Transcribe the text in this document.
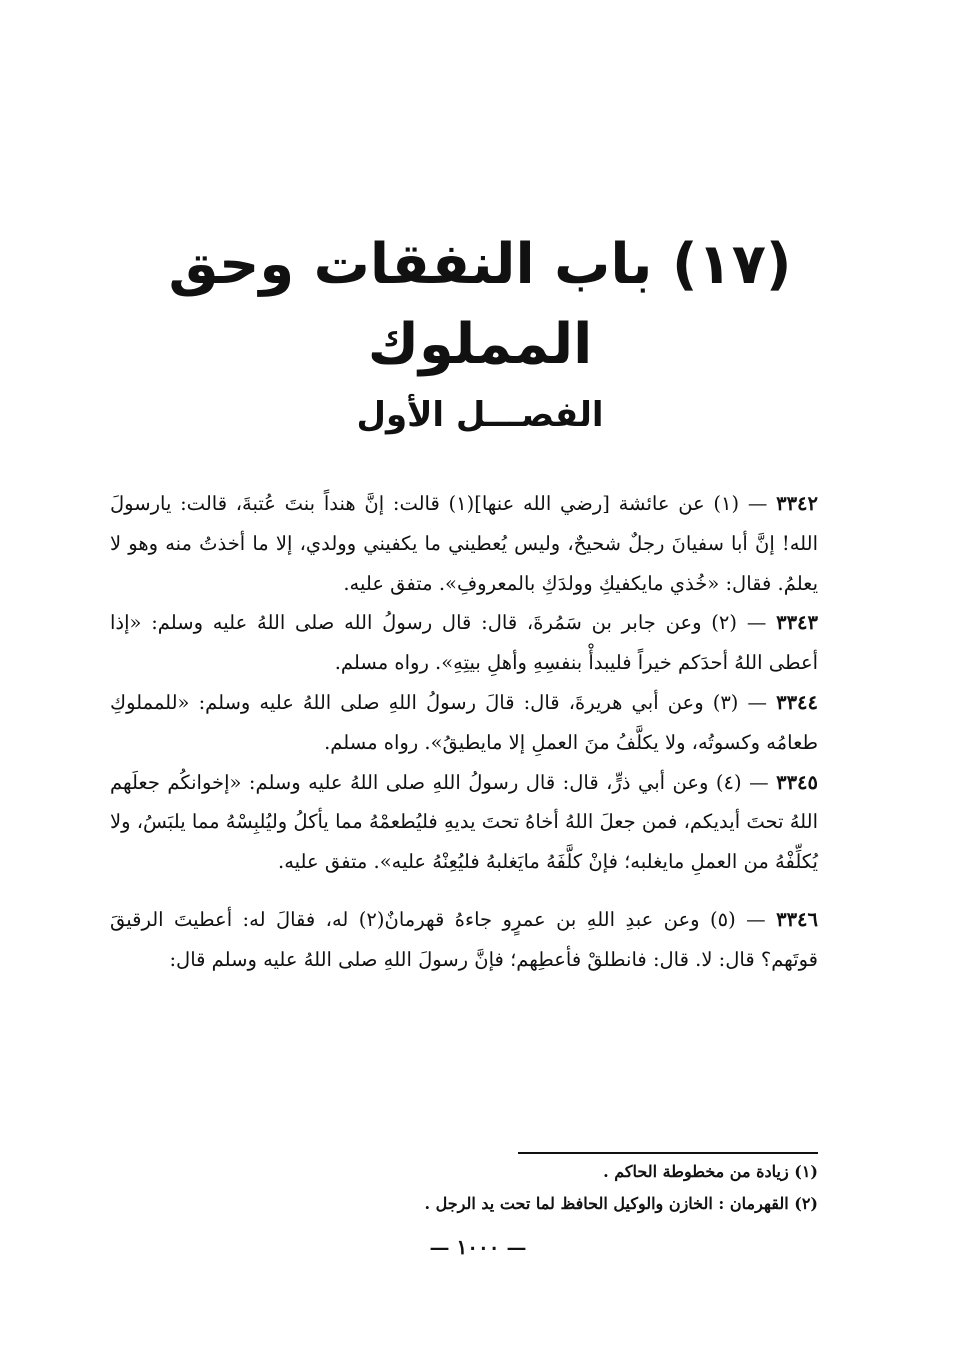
(١٧) باب النفقات وحق المملوك
الفصـــل الأول

٣٣٤٢ — (١) عن عائشة [رضي الله عنها](١) قالت: إنَّ هنداً بنتَ عُتبةَ، قالت: يارسولَ الله! إنَّ أبا سفيانَ رجلٌ شحيحٌ، وليس يُعطيني ما يكفيني وولدي، إلا ما أخذتُ منه وهو لا يعلمُ. فقال: «خُذي مايكفيكِ وولدَكِ بالمعروفِ». متفق عليه.

٣٣٤٣ — (٢) وعن جابر بن سَمُرةَ، قال: قال رسولُ الله صلى اللهُ عليه وسلم: «إذا أعطى اللهُ أحدَكم خيراً فليبدأْ بنفسِهِ وأهلِ بيتِهِ». رواه مسلم.

٣٣٤٤ — (٣) وعن أبي هريرةَ، قال: قالَ رسولُ اللهِ صلى اللهُ عليه وسلم: «للمملوكِ طعامُه وكسوتُه، ولا يكلَّفُ منَ العملِ إلا مايطيقُ». رواه مسلم.

٣٣٤٥ — (٤) وعن أبي ذرٍّ، قال: قال رسولُ اللهِ صلى اللهُ عليه وسلم: «إخوانكُم جعلَهم اللهُ تحتَ أيديكم، فمن جعلَ اللهُ أخاهُ تحتَ يديهِ فليُطعمْهُ مما يأكلُ وليُلبِسْهُ مما يلبَسُ، ولا يُكلِّفْهُ من العملِ مايغلبه؛ فإنْ كلَّفَهُ مايَغلبهُ فليُعِنْهُ عليه». متفق عليه.

٣٣٤٦ — (٥) وعن عبدِ اللهِ بن عمرٍو جاءهُ قهرمانٌ(٢) له، فقالَ له: أعطيتَ الرقيقَ قوتَهم؟ قال: لا. قال: فانطلقْ فأعطِهم؛ فإنَّ رسولَ اللهِ صلى اللهُ عليه وسلم قال:

(١) زيادة من مخطوطة الحاكم .

(٢) القهرمان : الخازن والوكيل الحافظ لما تحت يد الرجل .

— ١٠٠٠ —
